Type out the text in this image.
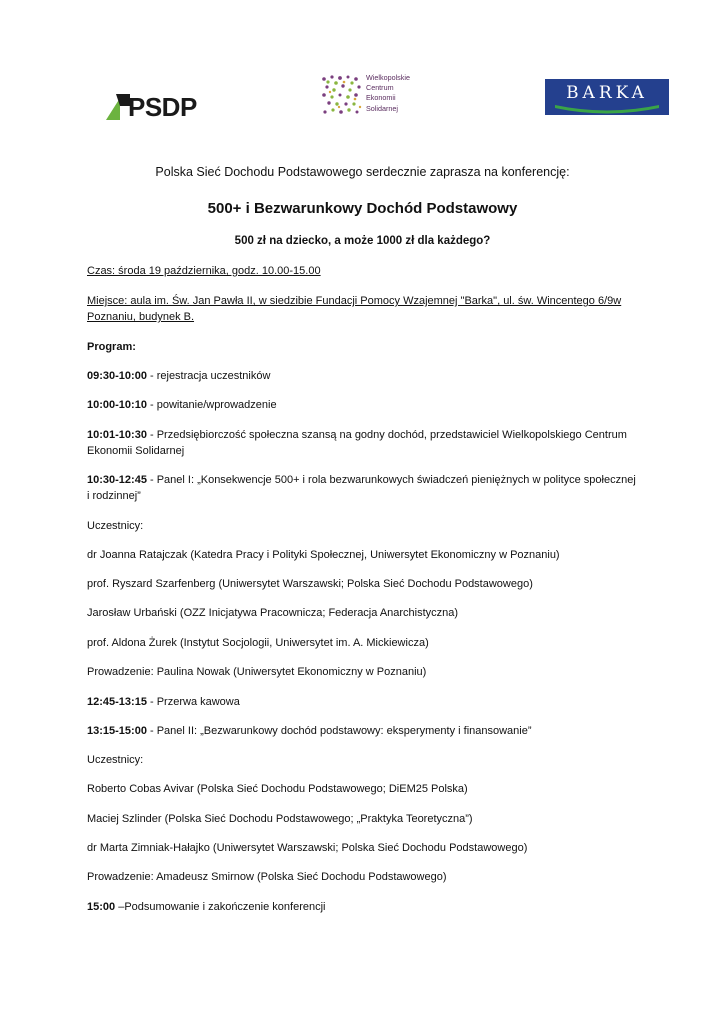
PSDP
Wielkopolskie
Centrum
Ekonomii
Solidarnej
BARKA
Polska Sieć Dochodu Podstawowego serdecznie zaprasza na konferencję:
500+ i Bezwarunkowy Dochód Podstawowy
500 zł na dziecko, a może 1000 zł dla każdego?
Czas: środa 19 października, godz. 10.00-15.00
Miejsce: aula im. Św. Jan Pawła II, w siedzibie Fundacji Pomocy Wzajemnej "Barka", ul. św. Wincentego 6/9w
Poznaniu, budynek B.
Program:
09:30-10:00 - rejestracja uczestników
10:00-10:10 - powitanie/wprowadzenie
10:01-10:30 - Przedsiębiorczość społeczna szansą na godny dochód, przedstawiciel Wielkopolskiego Centrum
Ekonomii Solidarnej
10:30-12:45 - Panel I: „Konsekwencje 500+ i rola bezwarunkowych świadczeń pieniężnych w polityce społecznej
i rodzinnej”
Uczestnicy:
dr Joanna Ratajczak (Katedra Pracy i Polityki Społecznej, Uniwersytet Ekonomiczny w Poznaniu)
prof. Ryszard Szarfenberg (Uniwersytet Warszawski; Polska Sieć Dochodu Podstawowego)
Jarosław Urbański (OZZ Inicjatywa Pracownicza; Federacja Anarchistyczna)
prof. Aldona Żurek (Instytut Socjologii, Uniwersytet im. A. Mickiewicza)
Prowadzenie: Paulina Nowak (Uniwersytet Ekonomiczny w Poznaniu)
12:45-13:15 - Przerwa kawowa
13:15-15:00 - Panel II: „Bezwarunkowy dochód podstawowy: eksperymenty i finansowanie”
Uczestnicy:
Roberto Cobas Avivar (Polska Sieć Dochodu Podstawowego; DiEM25 Polska)
Maciej Szlinder (Polska Sieć Dochodu Podstawowego; „Praktyka Teoretyczna”)
dr Marta Zimniak-Hałajko (Uniwersytet Warszawski; Polska Sieć Dochodu Podstawowego)
Prowadzenie: Amadeusz Smirnow (Polska Sieć Dochodu Podstawowego)
15:00 –Podsumowanie i zakończenie konferencji
